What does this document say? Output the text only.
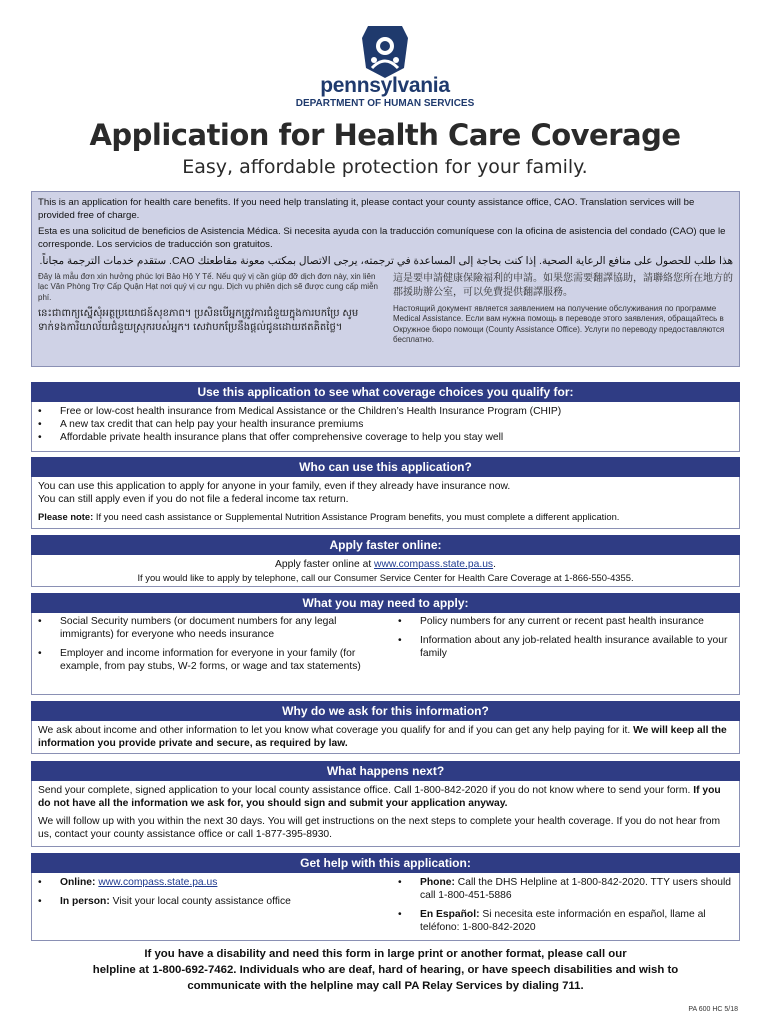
pennsylvania
DEPARTMENT OF HUMAN SERVICES
Application for Health Care Coverage
Easy, affordable protection for your family.

This is an application for health care benefits. If you need help translating it, please contact your county assistance office, CAO. Translation services will be provided free of charge.

Esta es una solicitud de beneficios de Asistencia Médica. Si necesita ayuda con la traducción comuníquese con la oficina de asistencia del condado (CAO) que le corresponde. Los servicios de traducción son gratuitos.

هذا طلب للحصول على منافع الرعاية الصحية. إذا كنت بحاجة إلى المساعدة في ترجمته، يرجى الاتصال بمكتب معونة مقاطعتك CAO. ستقدم خدمات الترجمة مجاناً.

Đây là mẫu đơn xin hưởng phúc lợi Bảo Hộ Y Tế. Nếu quý vị cần giúp đỡ dịch đơn này, xin liên lạc Văn Phòng Trợ Cấp Quận Hạt nơi quý vị cư ngụ. Dịch vụ phiên dịch sẽ được cung cấp miễn phí.

នេះជាពាក្យស្នើសុំអត្ថប្រយោជន៍សុខភាព។ ប្រសិនបើអ្នកត្រូវការជំនួយក្នុងការបកប្រែ សូមទាក់ទងការិយាល័យជំនួយស្រុករបស់អ្នក។ សេវាបកប្រែនឹងផ្តល់ជូនដោយឥតគិតថ្លៃ។

這是要申請健康保險福利的申請。如果您需要翻譯協助，請聯絡您所在地方的郡援助辦公室，可以免費提供翻譯服務。

Настоящий документ является заявлением на получение обслуживания по программе Medical Assistance. Если вам нужна помощь в переводе этого заявления, обращайтесь в Окружное бюро помощи (County Assistance Office). Услуги по переводу предоставляются бесплатно.

Use this application to see what coverage choices you qualify for:
• Free or low-cost health insurance from Medical Assistance or the Children’s Health Insurance Program (CHIP)
• A new tax credit that can help pay your health insurance premiums
• Affordable private health insurance plans that offer comprehensive coverage to help you stay well
Who can use this application?
You can use this application to apply for anyone in your family, even if they already have insurance now.
You can still apply even if you do not file a federal income tax return.
Please note: If you need cash assistance or Supplemental Nutrition Assistance Program benefits, you must complete a different application.
Apply faster online:
Apply faster online at www.compass.state.pa.us.
If you would like to apply by telephone, call our Consumer Service Center for Health Care Coverage at 1-866-550-4355.
What you may need to apply:
• Social Security numbers (or document numbers for any legal immigrants) for everyone who needs insurance
• Employer and income information for everyone in your family (for example, from pay stubs, W-2 forms, or wage and tax statements)
• Policy numbers for any current or recent past health insurance
• Information about any job-related health insurance available to your family
Why do we ask for this information?
We ask about income and other information to let you know what coverage you qualify for and if you can get any help paying for it. We will keep all the information you provide private and secure, as required by law.
What happens next?
Send your complete, signed application to your local county assistance office. Call 1-800-842-2020 if you do not know where to send your form. If you do not have all the information we ask for, you should sign and submit your application anyway.
We will follow up with you within the next 30 days. You will get instructions on the next steps to complete your health coverage. If you do not hear from us, contact your county assistance office or call 1-877-395-8930.
Get help with this application:
• Online: www.compass.state.pa.us
• In person: Visit your local county assistance office
• Phone: Call the DHS Helpline at 1-800-842-2020. TTY users should call 1-800-451-5886
• En Español: Si necesita este información en español, llame al teléfono: 1-800-842-2020
If you have a disability and need this form in large print or another format, please call our
helpline at 1-800-692-7462. Individuals who are deaf, hard of hearing, or have speech disabilities and wish to
communicate with the helpline may call PA Relay Services by dialing 711.
PA 600 HC 5/18
